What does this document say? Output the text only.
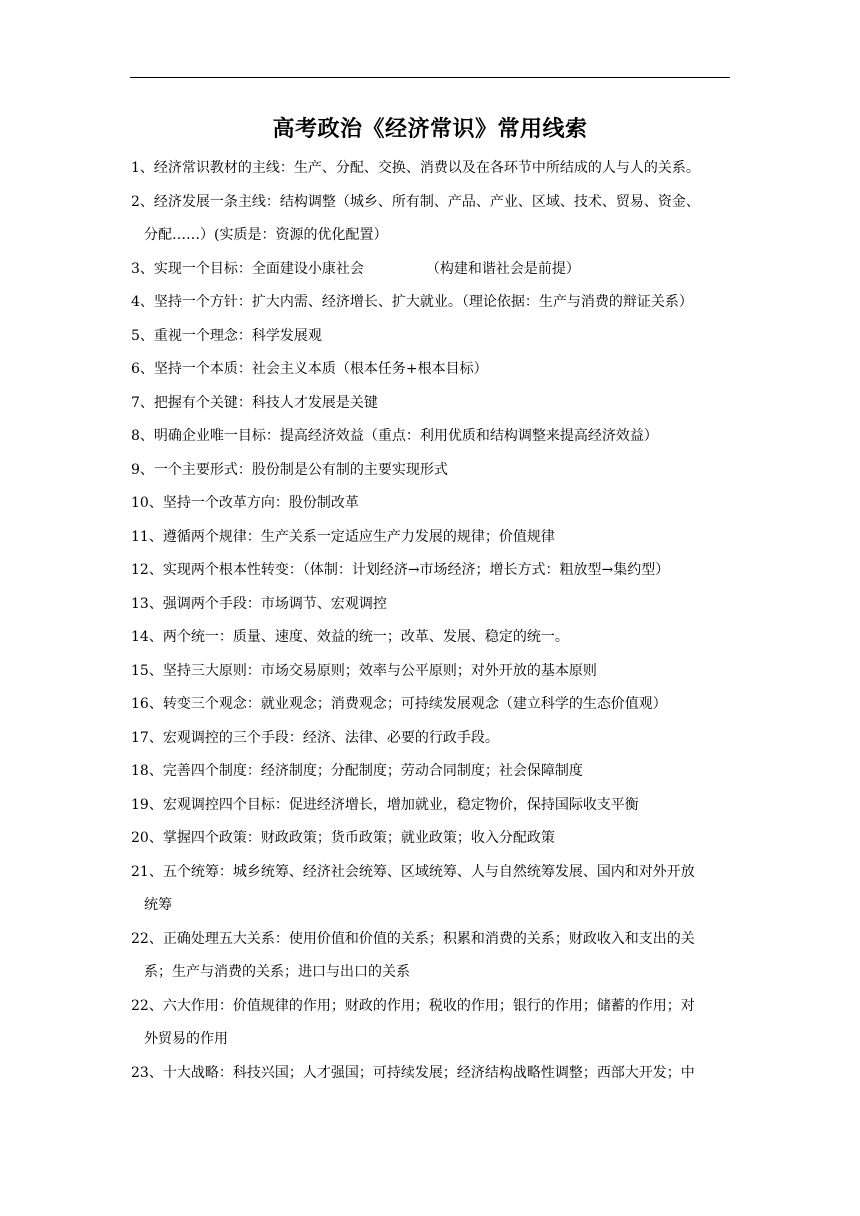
高考政治《经济常识》常用线索
1、经济常识教材的主线：生产、分配、交换、消费以及在各环节中所结成的人与人的关系。
2、经济发展一条主线：结构调整（城乡、所有制、产品、产业、区域、技术、贸易、资金、
分配……）(实质是：资源的优化配置）
3、实现一个目标：全面建设小康社会	（构建和谐社会是前提）
4、坚持一个方针：扩大内需、经济增长、扩大就业。（理论依据：生产与消费的辩证关系）
5、重视一个理念：科学发展观
6、坚持一个本质：社会主义本质（根本任务+根本目标）
7、把握有个关键：科技人才发展是关键
8、明确企业唯一目标：提高经济效益（重点：利用优质和结构调整来提高经济效益）
9、一个主要形式：股份制是公有制的主要实现形式
10、坚持一个改革方向：股份制改革
11、遵循两个规律：生产关系一定适应生产力发展的规律；价值规律
12、实现两个根本性转变：（体制：计划经济→市场经济；增长方式：粗放型→集约型）
13、强调两个手段：市场调节、宏观调控
14、两个统一：质量、速度、效益的统一；改革、发展、稳定的统一。
15、坚持三大原则：市场交易原则；效率与公平原则；对外开放的基本原则
16、转变三个观念：就业观念；消费观念；可持续发展观念（建立科学的生态价值观）
17、宏观调控的三个手段：经济、法律、必要的行政手段。
18、完善四个制度：经济制度；分配制度；劳动合同制度；社会保障制度
19、宏观调控四个目标：促进经济增长，增加就业，稳定物价，保持国际收支平衡
20、掌握四个政策：财政政策；货币政策；就业政策；收入分配政策
21、五个统筹：城乡统筹、经济社会统筹、区域统筹、人与自然统筹发展、国内和对外开放
统筹
22、正确处理五大关系：使用价值和价值的关系；积累和消费的关系；财政收入和支出的关
系；生产与消费的关系；进口与出口的关系
22、六大作用：价值规律的作用；财政的作用；税收的作用；银行的作用；储蓄的作用；对
外贸易的作用
23、十大战略：科技兴国；人才强国；可持续发展；经济结构战略性调整；西部大开发；中
